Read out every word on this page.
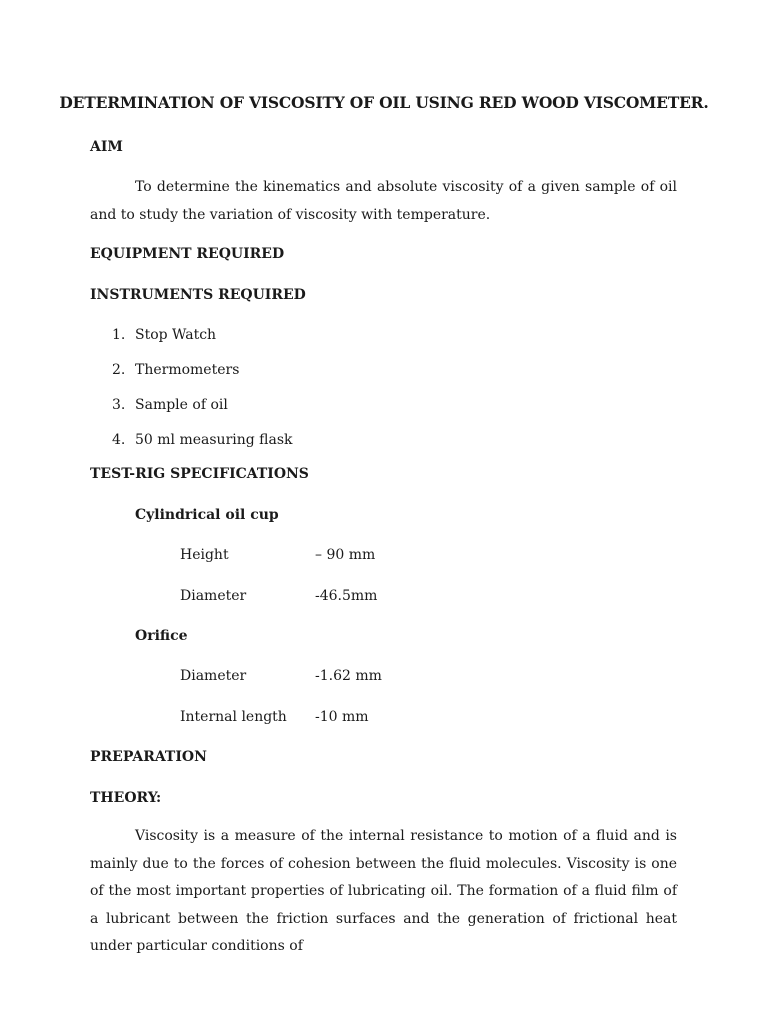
DETERMINATION OF VISCOSITY OF OIL USING RED WOOD VISCOMETER.
AIM
To determine the kinematics and absolute viscosity of a given sample of oil and to study the variation of viscosity with temperature.
EQUIPMENT REQUIRED
INSTRUMENTS REQUIRED
1. Stop Watch
2. Thermometers
3. Sample of oil
4. 50 ml measuring flask
TEST-RIG SPECIFICATIONS
Cylindrical oil cup
Height	– 90 mm
Diameter	-46.5mm
Orifice
Diameter	-1.62 mm
Internal length -10 mm
PREPARATION
THEORY:
Viscosity is a measure of the internal resistance to motion of a fluid and is mainly due to the forces of cohesion between the fluid molecules. Viscosity is one of the most important properties of lubricating oil. The formation of a fluid film of a lubricant between the friction surfaces and the generation of frictional heat under particular conditions of
